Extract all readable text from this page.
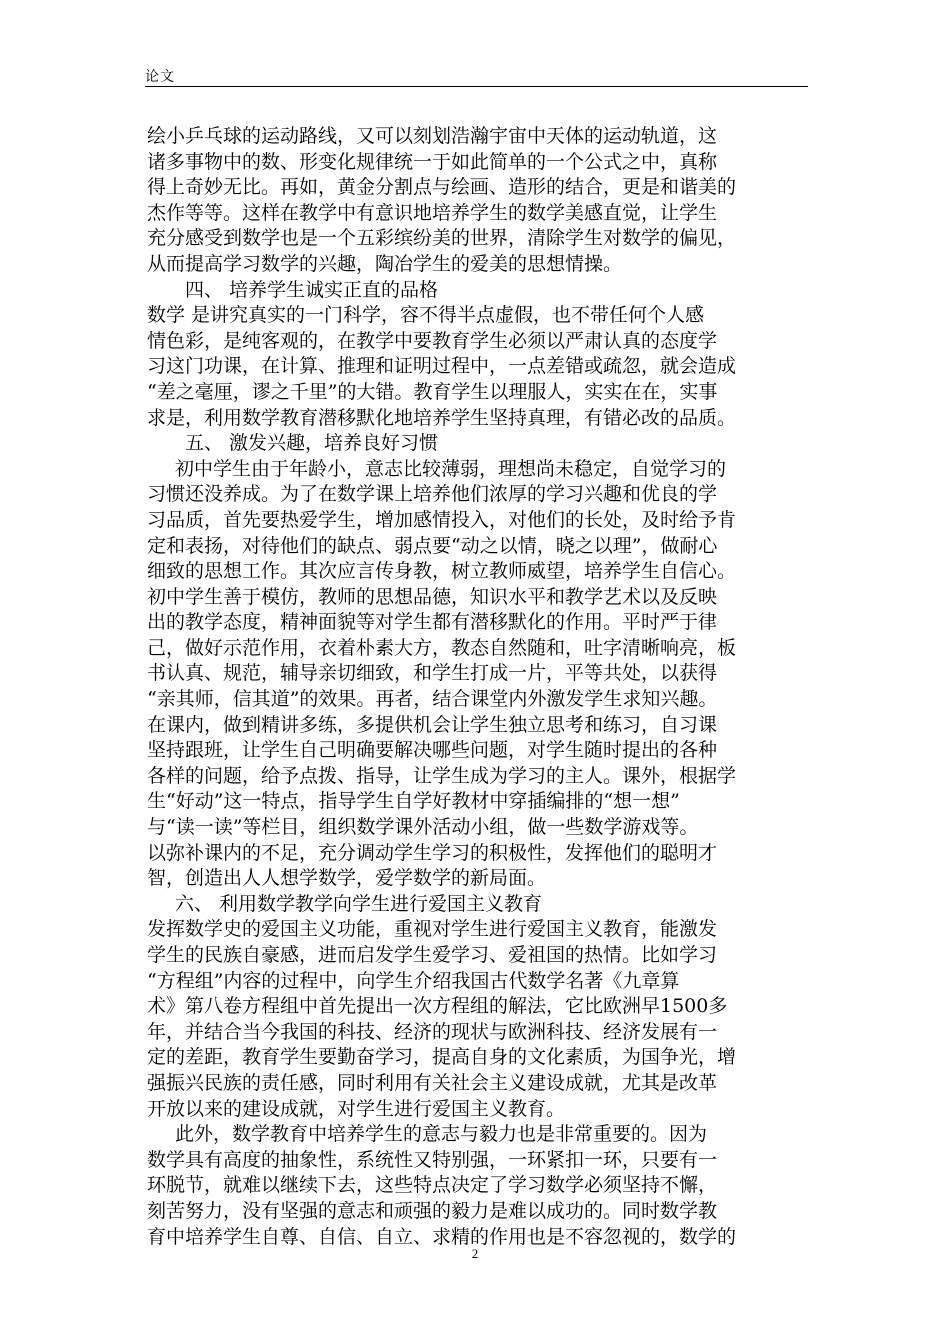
论文
绘小乒乓球的运动路线，又可以刻划浩瀚宇宙中天体的运动轨道，这
诸多事物中的数、形变化规律统一于如此简单的一个公式之中，真称
得上奇妙无比。再如，黄金分割点与绘画、造形的结合，更是和谐美的
杰作等等。这样在教学中有意识地培养学生的数学美感直觉，让学生
充分感受到数学也是一个五彩缤纷美的世界，清除学生对数学的偏见，
从而提高学习数学的兴趣，陶冶学生的爱美的思想情操。
四、 培养学生诚实正直的品格
数学 是讲究真实的一门科学，容不得半点虚假，也不带任何个人感
情色彩，是纯客观的，在教学中要教育学生必须以严肃认真的态度学
习这门功课，在计算、推理和证明过程中，一点差错或疏忽，就会造成
“差之毫厘，谬之千里”的大错。教育学生以理服人，实实在在，实事
求是，利用数学教育潜移默化地培养学生坚持真理，有错必改的品质。
五、 激发兴趣，培养良好习惯
初中学生由于年龄小，意志比较薄弱，理想尚未稳定，自觉学习的
习惯还没养成。为了在数学课上培养他们浓厚的学习兴趣和优良的学
习品质，首先要热爱学生，增加感情投入，对他们的长处，及时给予肯
定和表扬，对待他们的缺点、弱点要“动之以情，晓之以理”，做耐心
细致的思想工作。其次应言传身教，树立教师威望，培养学生自信心。
初中学生善于模仿，教师的思想品德，知识水平和教学艺术以及反映
出的教学态度，精神面貌等对学生都有潜移默化的作用。平时严于律
己，做好示范作用，衣着朴素大方，教态自然随和，吐字清晰响亮，板
书认真、规范，辅导亲切细致，和学生打成一片，平等共处，以获得
“亲其师，信其道”的效果。再者，结合课堂内外激发学生求知兴趣。
在课内，做到精讲多练，多提供机会让学生独立思考和练习，自习课
坚持跟班，让学生自己明确要解决哪些问题，对学生随时提出的各种
各样的问题，给予点拨、指导，让学生成为学习的主人。课外，根据学
生“好动”这一特点，指导学生自学好教材中穿插编排的“想一想”
与“读一读”等栏目，组织数学课外活动小组，做一些数学游戏等。
以弥补课内的不足，充分调动学生学习的积极性，发挥他们的聪明才
智，创造出人人想学数学，爱学数学的新局面。
六、 利用数学教学向学生进行爱国主义教育
发挥数学史的爱国主义功能，重视对学生进行爱国主义教育，能激发
学生的民族自豪感，进而启发学生爱学习、爱祖国的热情。比如学习
“方程组”内容的过程中，向学生介绍我国古代数学名著《九章算
术》第八卷方程组中首先提出一次方程组的解法，它比欧洲早1500多
年，并结合当今我国的科技、经济的现状与欧洲科技、经济发展有一
定的差距，教育学生要勤奋学习，提高自身的文化素质，为国争光，增
强振兴民族的责任感，同时利用有关社会主义建设成就，尤其是改革
开放以来的建设成就，对学生进行爱国主义教育。
此外，数学教育中培养学生的意志与毅力也是非常重要的。因为
数学具有高度的抽象性，系统性又特别强，一环紧扣一环，只要有一
环脱节，就难以继续下去，这些特点决定了学习数学必须坚持不懈，
刻苦努力，没有坚强的意志和顽强的毅力是难以成功的。同时数学教
育中培养学生自尊、自信、自立、求精的作用也是不容忽视的，数学的
2
